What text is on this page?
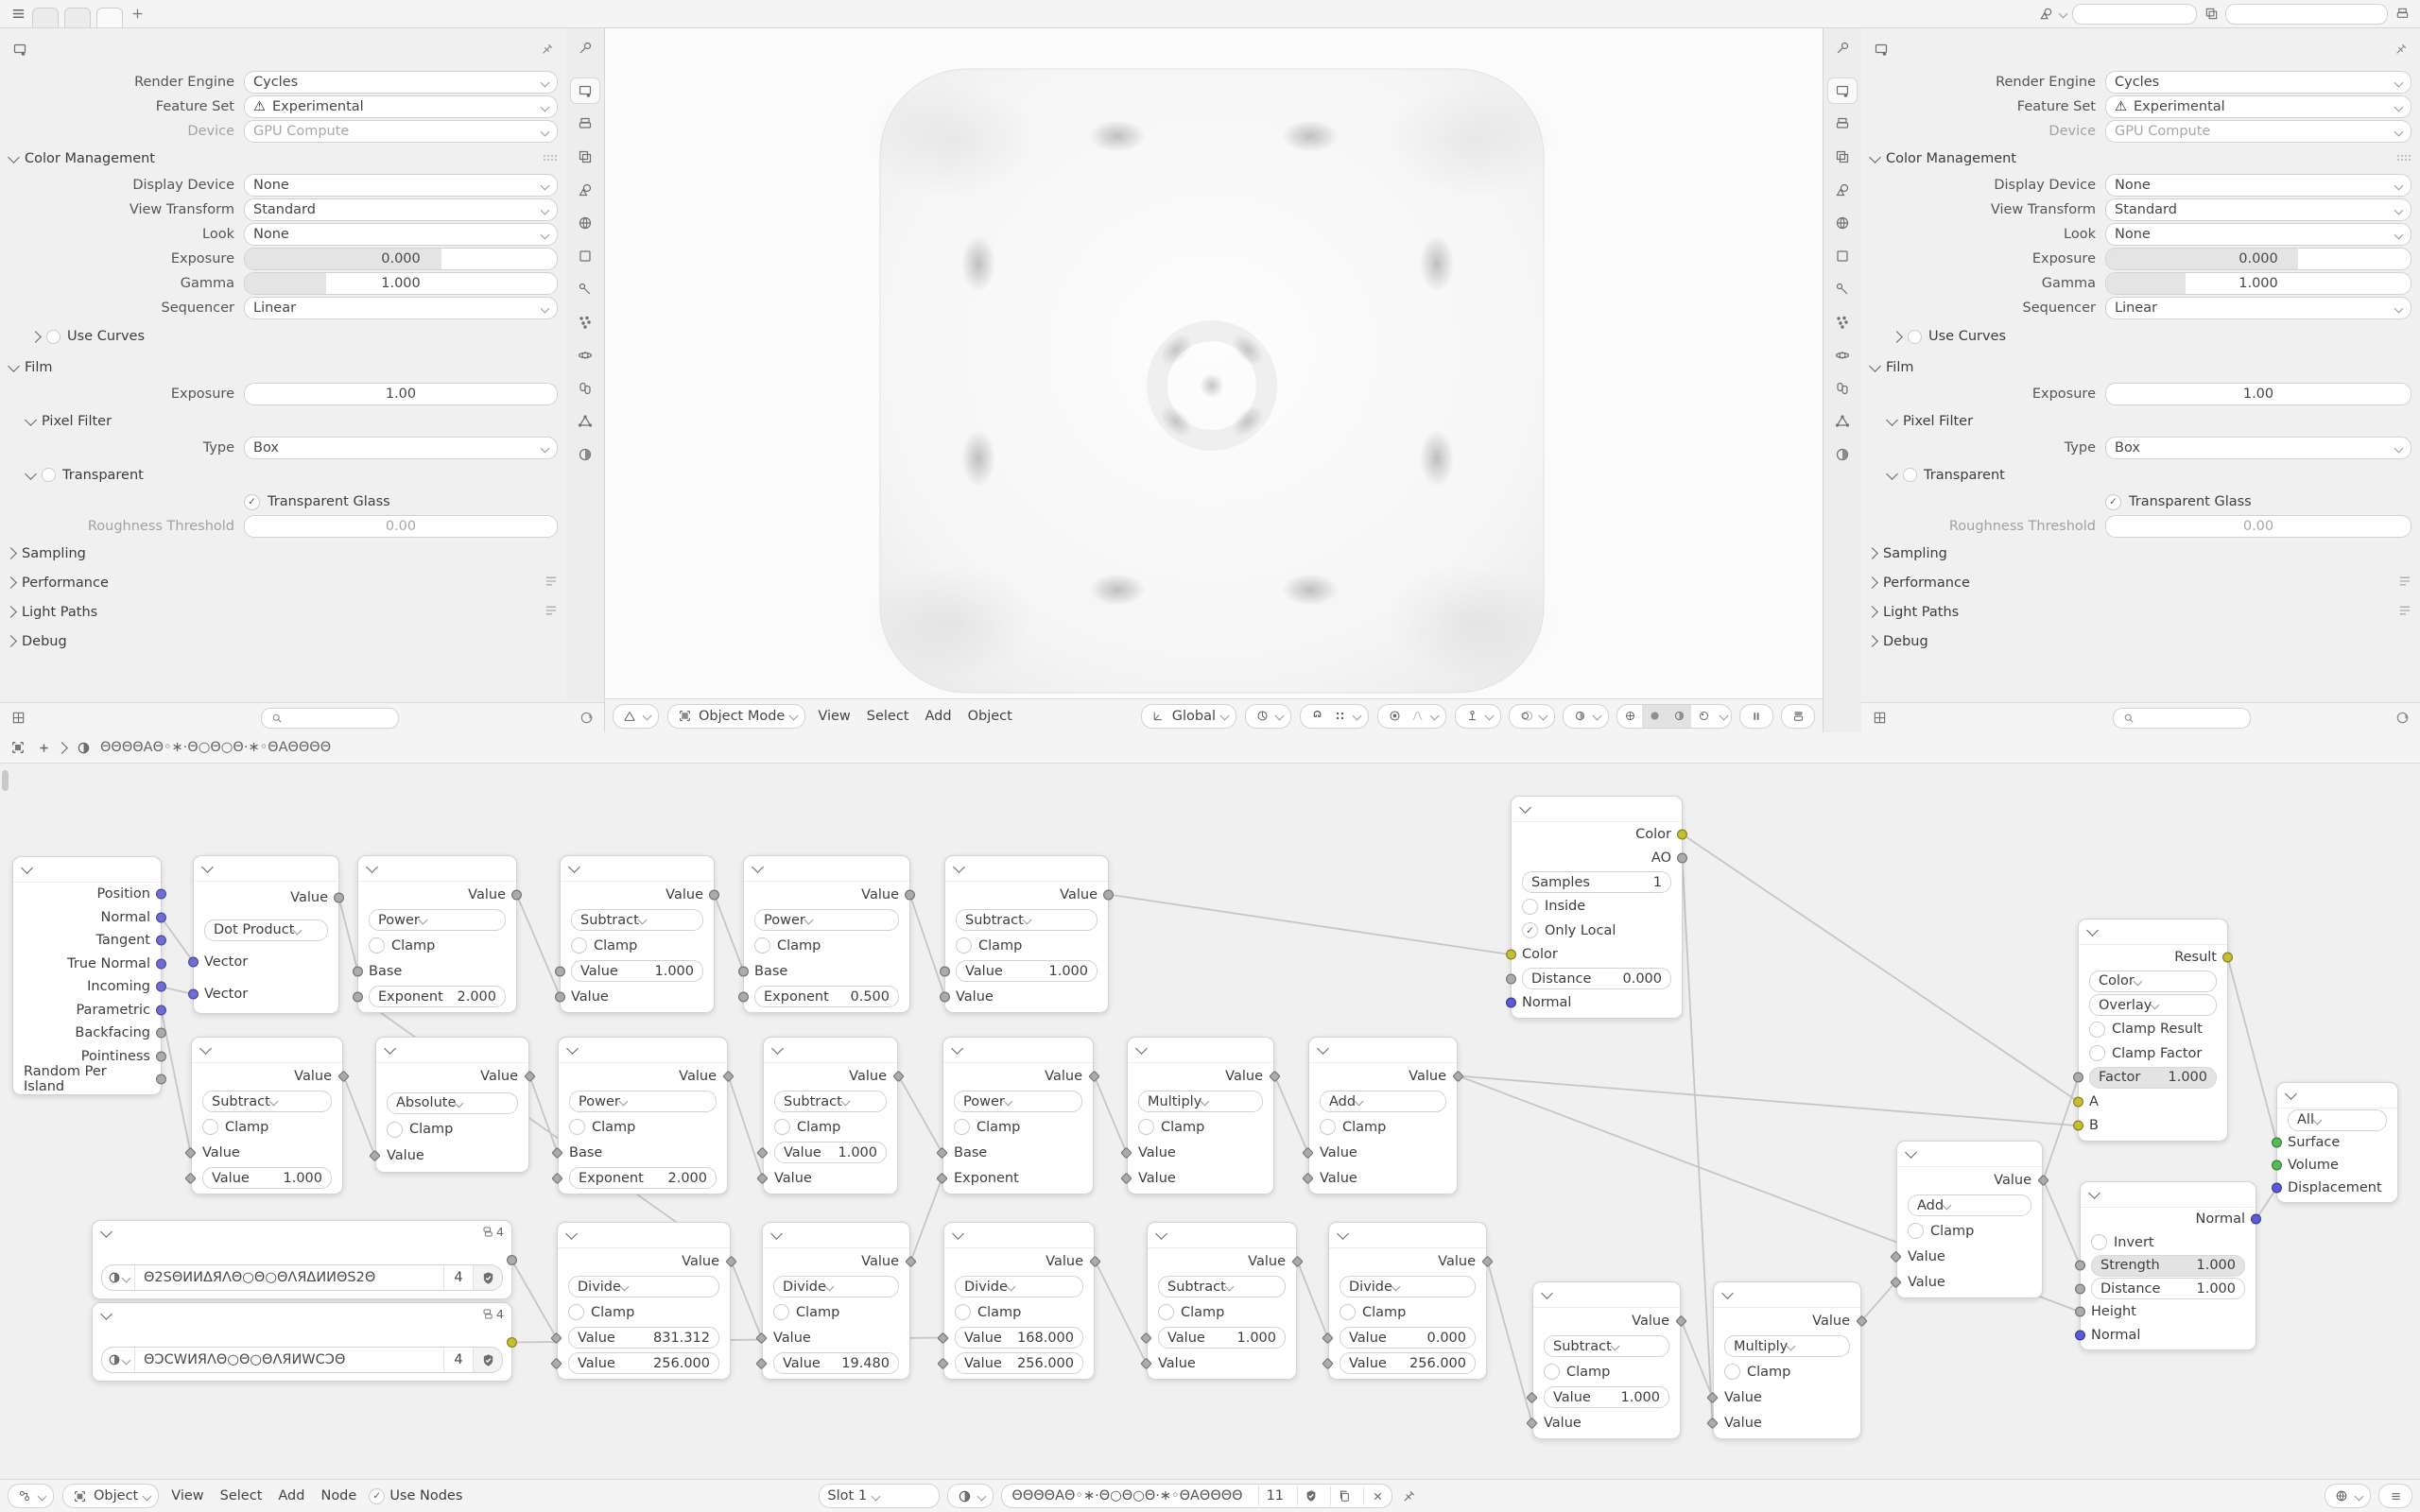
Render Engine	Cycles
Feature Set	⚠ Experimental
Device	GPU Compute
Color Management
Display Device	None
View Transform	Standard
Look	None
Exposure	0.000
Gamma	1.000
Sequencer	Linear
Use Curves
Film
Exposure	1.00
Pixel Filter
Type	Box
Transparent
✓ Transparent Glass
Roughness Threshold	0.00
Sampling
Performance
Light Paths
Debug
Object Mode View Select Add Object	Global
Render Engine	Cycles
Feature Set	⚠ Experimental
Device	GPU Compute
Color Management
Display Device	None
View Transform	Standard
Look	None
Exposure	0.000
Gamma	1.000
Sequencer	Linear
Use Curves
Film
Exposure	1.00
Pixel Filter
Type	Box
Transparent
✓ Transparent Glass
Roughness Threshold	0.00
Sampling
Performance
Light Paths
Debug
ΘΘΘΘAΘ◦∗·Θ○Θ○Θ·∗◦ΘAΘΘΘΘ
Position
Normal
Tangent
True Normal
Incoming
Parametric
Backfacing
Pointiness
Random Per Island
Value
Dot Product
Vector
Vector
Value
Power
Clamp
Base
Exponent	2.000
Value
Subtract
Clamp
Value	1.000
Value
Value
Power
Clamp
Base
Exponent	0.500
Value
Subtract
Clamp
Value	1.000
Value
Value
Subtract
Clamp
Value
Value	1.000
Value
Absolute
Clamp
Value
Value
Power
Clamp
Base
Exponent	2.000
Value
Subtract
Clamp
Value	1.000
Value
Value
Power
Clamp
Base
Exponent
Value
Multiply
Clamp
Value
Value
Value
Add
Clamp
Value
Value
4
Θ2SΘИИΔЯΛΘ○Θ○ΘΛЯΔИИΘS2Θ	4
4
ΘƆCWИЯΛΘ○Θ○ΘΛЯИWCƆΘ	4
Value
Divide
Clamp
Value	831.312
Value	256.000
Value
Divide
Clamp
Value
Value	19.480
Value
Divide
Clamp
Value	168.000
Value	256.000
Value
Subtract
Clamp
Value	1.000
Value
Value
Divide
Clamp
Value	0.000
Value	256.000
Value
Subtract
Clamp
Value	1.000
Value
Value
Multiply
Clamp
Value
Value
Value
Add
Clamp
Value
Value
Color
AO
Samples	1
Inside
✓ Only Local
Color
Distance	0.000
Normal
Result
Color
Overlay
Clamp Result
Clamp Factor
Factor	1.000
A
B	All
Surface
Volume
Displacement
Normal
Invert
Strength	1.000
Distance	1.000
Height
Normal
Object View Select Add Node	✓ Use Nodes	Slot 1	ΘΘΘΘAΘ◦∗·Θ○Θ○Θ·∗◦ΘAΘΘΘΘ	11
